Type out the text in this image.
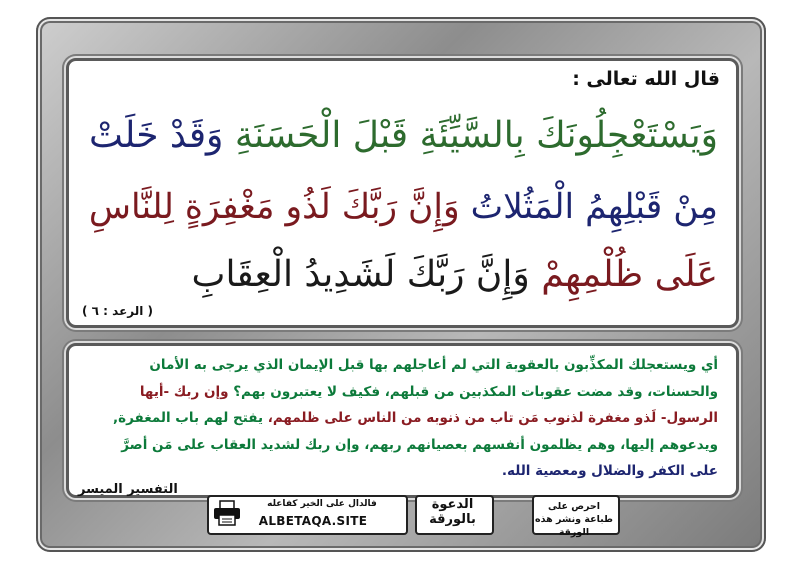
قال الله تعالى :
وَيَسْتَعْجِلُونَكَ بِالسَّيِّئَةِ قَبْلَ الْحَسَنَةِ وَقَدْ خَلَتْ
مِنْ قَبْلِهِمُ الْمَثُلاتُ وَإِنَّ رَبَّكَ لَذُو مَغْفِرَةٍ لِلنَّاسِ
عَلَى ظُلْمِهِمْ وَإِنَّ رَبَّكَ لَشَدِيدُ الْعِقَابِ
( الرعد : ٦ )
أي ويستعجلك المكذِّبون بالعقوبة التي لم أعاجلهم بها قبل الإيمان الذي يرجى به الأمان
والحسنات، وقد مضت عقوبات المكذبين من قبلهم، فكيف لا يعتبرون بهم؟ وإن ربك -أيها
الرسول- لَذو مغفرة لذنوب مَن تاب من ذنوبه من الناس على ظلمهم، يفتح لهم باب المغفرة,
ويدعوهم إليها، وهم يظلمون أنفسهم بعصيانهم ربهم، وإن ربك لشديد العقاب على مَن أصرَّ
على الكفر والضلال ومعصية الله.
التفسير الميسر
احرص على طباعة ونشر هذه الورقة
الدعوة بالورقة
فالدال على الخير كفاعله
ALBETAQA.SITE
